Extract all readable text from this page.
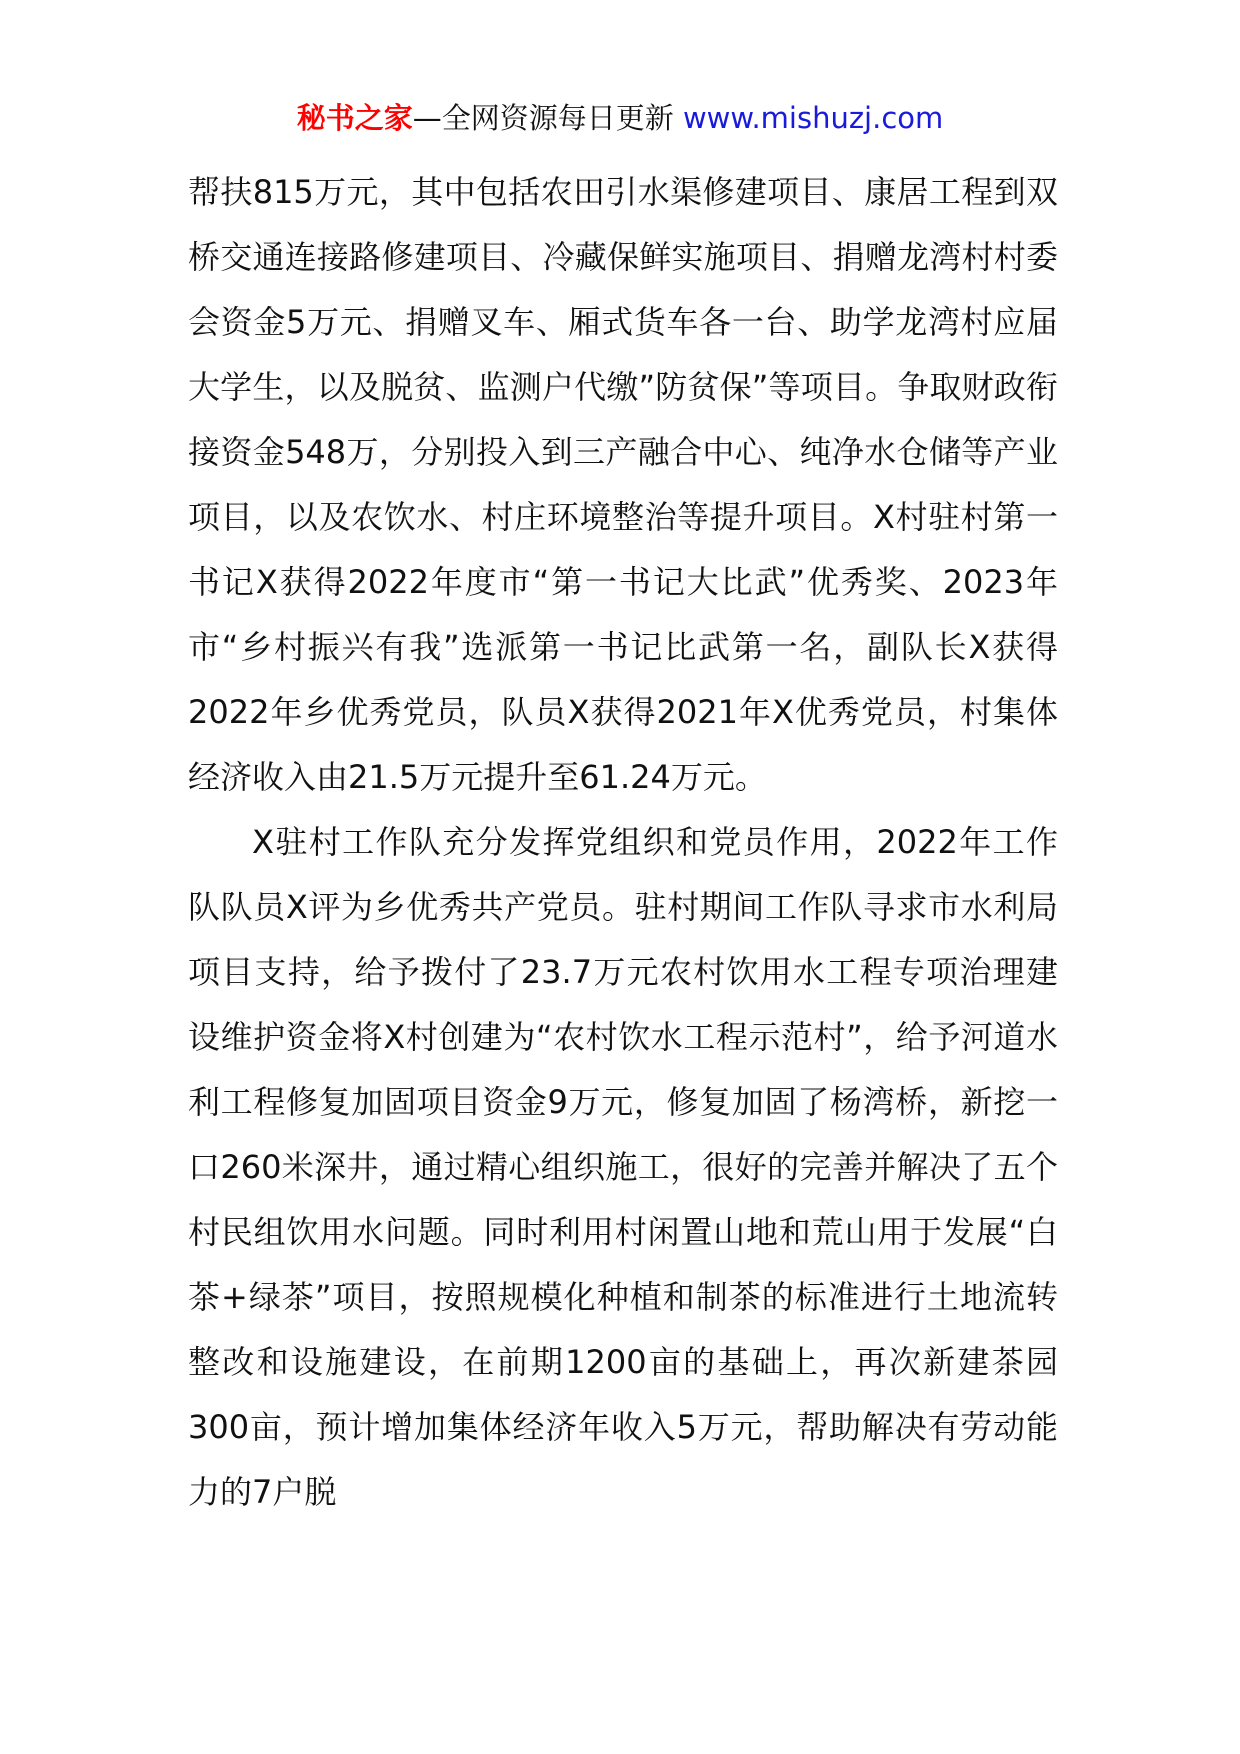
秘书之家—全网资源每日更新 www.mishuzj.com

帮扶815万元，其中包括农田引水渠修建项目、康居工程到双桥交通连接路修建项目、冷藏保鲜实施项目、捐赠龙湾村村委会资金5万元、捐赠叉车、厢式货车各一台、助学龙湾村应届大学生，以及脱贫、监测户代缴”防贫保”等项目。争取财政衔接资金548万，分别投入到三产融合中心、纯净水仓储等产业项目，以及农饮水、村庄环境整治等提升项目。X村驻村第一书记X获得2022年度市“第一书记大比武”优秀奖、2023年市“乡村振兴有我”选派第一书记比武第一名，副队长X获得2022年乡优秀党员，队员X获得2021年X优秀党员，村集体经济收入由21.5万元提升至61.24万元。

X驻村工作队充分发挥党组织和党员作用，2022年工作队队员X评为乡优秀共产党员。驻村期间工作队寻求市水利局项目支持，给予拨付了23.7万元农村饮用水工程专项治理建设维护资金将X村创建为“农村饮水工程示范村”，给予河道水利工程修复加固项目资金9万元，修复加固了杨湾桥，新挖一口260米深井，通过精心组织施工，很好的完善并解决了五个村民组饮用水问题。同时利用村闲置山地和荒山用于发展“白茶+绿茶”项目，按照规模化种植和制茶的标准进行土地流转整改和设施建设，在前期1200亩的基础上，再次新建茶园300亩，预计增加集体经济年收入5万元，帮助解决有劳动能力的7户脱
